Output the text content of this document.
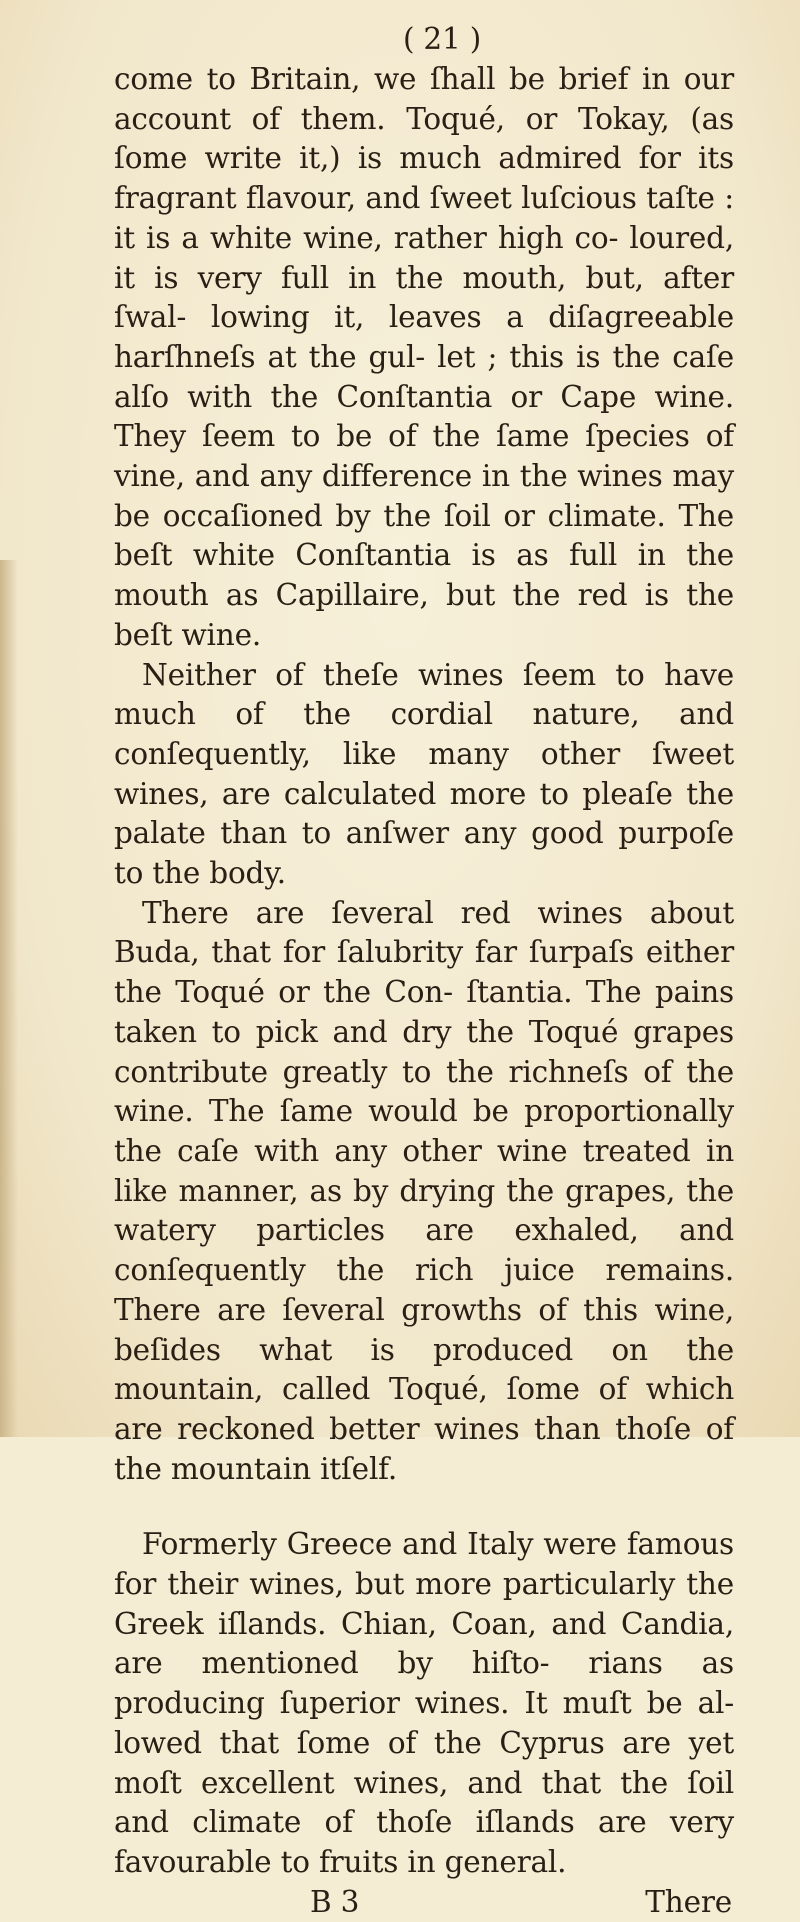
( 21 )

come to Britain, we ſhall be brief in our account of them. Toqué, or Tokay, (as ſome write it,) is much admired for its fragrant flavour, and ſweet luſcious taſte : it is a white wine, rather high co- loured, it is very full in the mouth, but, after ſwal- lowing it, leaves a diſagreeable harſhneſs at the gul- let ; this is the caſe alſo with the Conſtantia or Cape wine. They ſeem to be of the ſame ſpecies of vine, and any difference in the wines may be occaſioned by the ſoil or climate. The beſt white Conſtantia is as full in the mouth as Capillaire, but the red is the beſt wine.

Neither of theſe wines ſeem to have much of the cordial nature, and conſequently, like many other ſweet wines, are calculated more to pleaſe the palate than to anſwer any good purpoſe to the body.

There are ſeveral red wines about Buda, that for ſalubrity far ſurpaſs either the Toqué or the Con- ſtantia. The pains taken to pick and dry the Toqué grapes contribute greatly to the richneſs of the wine. The ſame would be proportionally the caſe with any other wine treated in like manner, as by drying the grapes, the watery particles are exhaled, and conſequently the rich juice remains. There are ſeveral growths of this wine, beſides what is produced on the mountain, called Toqué, ſome of which are reckoned better wines than thoſe of the mountain itſelf.

Formerly Greece and Italy were famous for their wines, but more particularly the Greek iſlands. Chian, Coan, and Candia, are mentioned by hiſto- rians as producing ſuperior wines. It muſt be al- lowed that ſome of the Cyprus are yet moſt excellent wines, and that the ſoil and climate of thoſe iſlands are very favourable to fruits in general.

B 3	There
